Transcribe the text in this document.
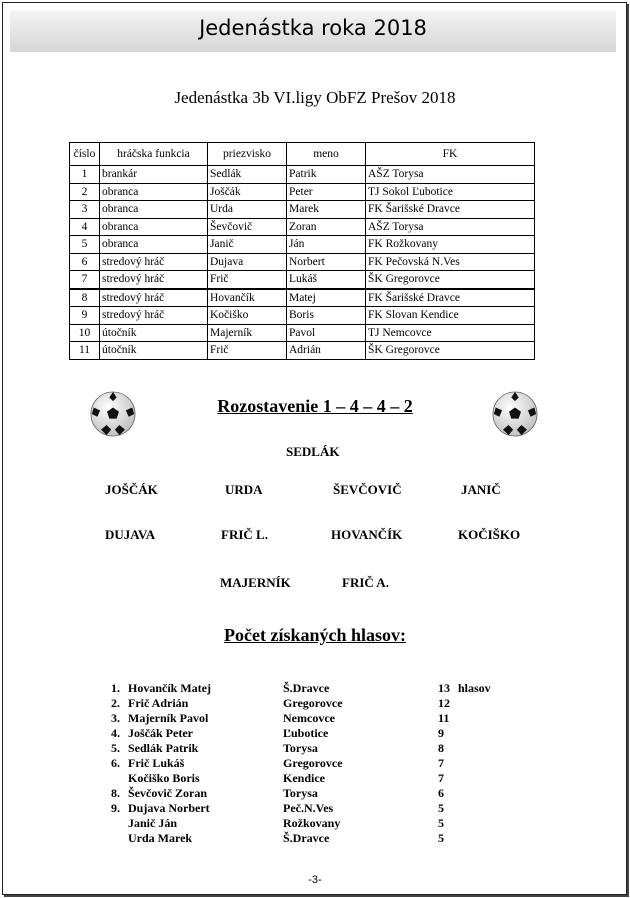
Jedenástka roka 2018
Jedenástka 3b VI.ligy ObFZ Prešov 2018
číslo	hráčska funkcia	priezvisko	meno	FK
1	brankár	Sedlák	Patrik	AŠZ Torysa
2	obranca	Joščák	Peter	TJ Sokol Ľubotice
3	obranca	Urda	Marek	FK Šarišské Dravce
4	obranca	Ševčovič	Zoran	AŠZ Torysa
5	obranca	Janič	Ján	FK Rožkovany
6	stredový hráč	Dujava	Norbert	FK Pečovská N.Ves
7	stredový hráč	Frič	Lukáš	ŠK Gregorovce
8	stredový hráč	Hovančík	Matej	FK Šarišské Dravce
9	stredový hráč	Kočiško	Boris	FK Slovan Kendice
10	útočník	Majerník	Pavol	TJ Nemcovce
11	útočník	Frič	Adrián	ŠK Gregorovce
Rozostavenie 1 – 4 – 4 – 2
SEDLÁK
JOŠČÁK	URDA	ŠEVČOVIČ	JANIČ
DUJAVA	FRIČ L.	HOVANČÍK	KOČIŠKO
MAJERNÍK	FRIČ A.
Počet získaných hlasov:
1. Hovančík Matej	Š.Dravce	13 hlasov
2. Frič Adrián	Gregorovce	12
3. Majerník Pavol	Nemcovce	11
4. Joščák Peter	Ľubotice	9
5. Sedlák Patrik	Torysa	8
6. Frič Lukáš	Gregorovce	7
Kočiško Boris	Kendice	7
8. Ševčovič Zoran	Torysa	6
9. Dujava Norbert	Peč.N.Ves	5
Janič Ján	Rožkovany	5
Urda Marek	Š.Dravce	5
-3-
